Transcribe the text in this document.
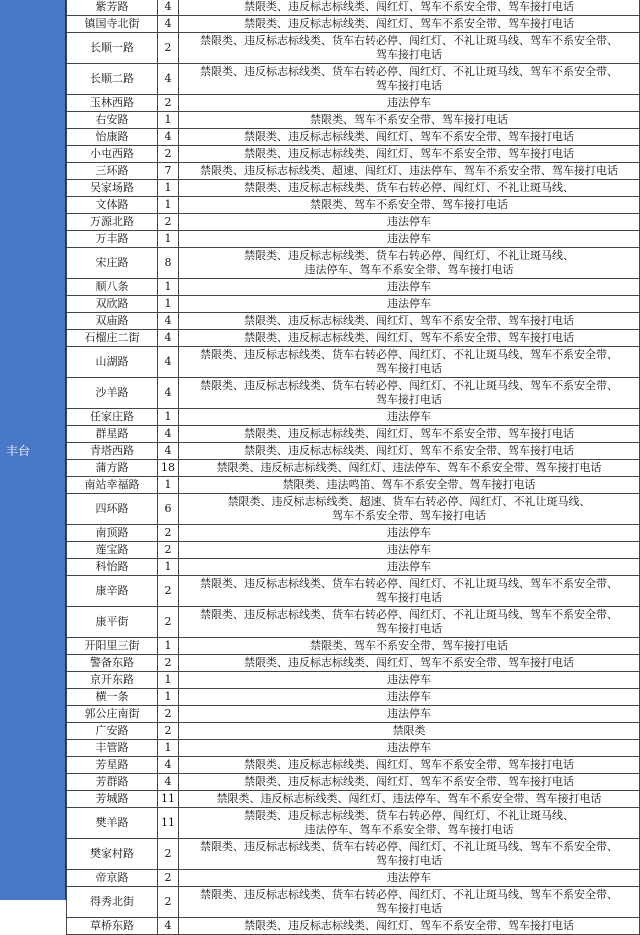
丰台
紫芳路	4	禁限类、违反标志标线类、闯红灯、驾车不系安全带、驾车接打电话

镇国寺北街	4	禁限类、违反标志标线类、闯红灯、驾车不系安全带、驾车接打电话

长顺一路	2	禁限类、违反标志标线类、货车右转必停、闯红灯、不礼让斑马线、驾车不系安全带、
驾车接打电话

长顺二路	4	禁限类、违反标志标线类、货车右转必停、闯红灯、不礼让斑马线、驾车不系安全带、
驾车接打电话

玉林西路	2	违法停车

右安路	1	禁限类、驾车不系安全带、驾车接打电话

怡康路	4	禁限类、违反标志标线类、闯红灯、驾车不系安全带、驾车接打电话

小屯西路	2	禁限类、违反标志标线类、闯红灯、驾车不系安全带、驾车接打电话

三环路	7	禁限类、违反标志标线类、超速、闯红灯、违法停车、驾车不系安全带、驾车接打电话

吴家场路	1	禁限类、违反标志标线类、货车右转必停、闯红灯、不礼让斑马线、

文体路	1	禁限类、驾车不系安全带、驾车接打电话

万源北路	2	违法停车

万丰路	1	违法停车

宋庄路	8	禁限类、违反标志标线类、货车右转必停、闯红灯、不礼让斑马线、
违法停车、驾车不系安全带、驾车接打电话

顺八条	1	违法停车

双欣路	1	违法停车

双庙路	4	禁限类、违反标志标线类、闯红灯、驾车不系安全带、驾车接打电话

石榴庄二街	4	禁限类、违反标志标线类、闯红灯、驾车不系安全带、驾车接打电话

山湖路	4	禁限类、违反标志标线类、货车右转必停、闯红灯、不礼让斑马线、驾车不系安全带、
驾车接打电话

沙羊路	4	禁限类、违反标志标线类、货车右转必停、闯红灯、不礼让斑马线、驾车不系安全带、
驾车接打电话

任家庄路	1	违法停车

群星路	4	禁限类、违反标志标线类、闯红灯、驾车不系安全带、驾车接打电话

青塔西路	4	禁限类、违反标志标线类、闯红灯、驾车不系安全带、驾车接打电话

蒲方路	18	禁限类、违反标志标线类、闯红灯、违法停车、驾车不系安全带、驾车接打电话

南站幸福路	1	禁限类、违法鸣笛、驾车不系安全带、驾车接打电话

四环路	6	禁限类、违反标志标线类、超速、货车右转必停、闯红灯、不礼让斑马线、
驾车不系安全带、驾车接打电话

南顶路	2	违法停车

莲宝路	2	违法停车

科怡路	1	违法停车

康辛路	2	禁限类、违反标志标线类、货车右转必停、闯红灯、不礼让斑马线、驾车不系安全带、
驾车接打电话

康平街	2	禁限类、违反标志标线类、货车右转必停、闯红灯、不礼让斑马线、驾车不系安全带、
驾车接打电话

开阳里三街	1	禁限类、驾车不系安全带、驾车接打电话

警备东路	2	禁限类、违反标志标线类、闯红灯、驾车不系安全带、驾车接打电话

京开东路	1	违法停车

横一条	1	违法停车

郭公庄南街	2	违法停车

广安路	2	禁限类

丰管路	1	违法停车

芳星路	4	禁限类、违反标志标线类、闯红灯、驾车不系安全带、驾车接打电话

芳群路	4	禁限类、违反标志标线类、闯红灯、驾车不系安全带、驾车接打电话

芳城路	11	禁限类、违反标志标线类、闯红灯、违法停车、驾车不系安全带、驾车接打电话

樊羊路	11	禁限类、违反标志标线类、货车右转必停、闯红灯、不礼让斑马线、
违法停车、驾车不系安全带、驾车接打电话

樊家村路	2	禁限类、违反标志标线类、货车右转必停、闯红灯、不礼让斑马线、驾车不系安全带、
驾车接打电话

帝京路	2	违法停车

得秀北街	2	禁限类、违反标志标线类、货车右转必停、闯红灯、不礼让斑马线、驾车不系安全带、
驾车接打电话

草桥东路	4	禁限类、违反标志标线类、闯红灯、驾车不系安全带、驾车接打电话
